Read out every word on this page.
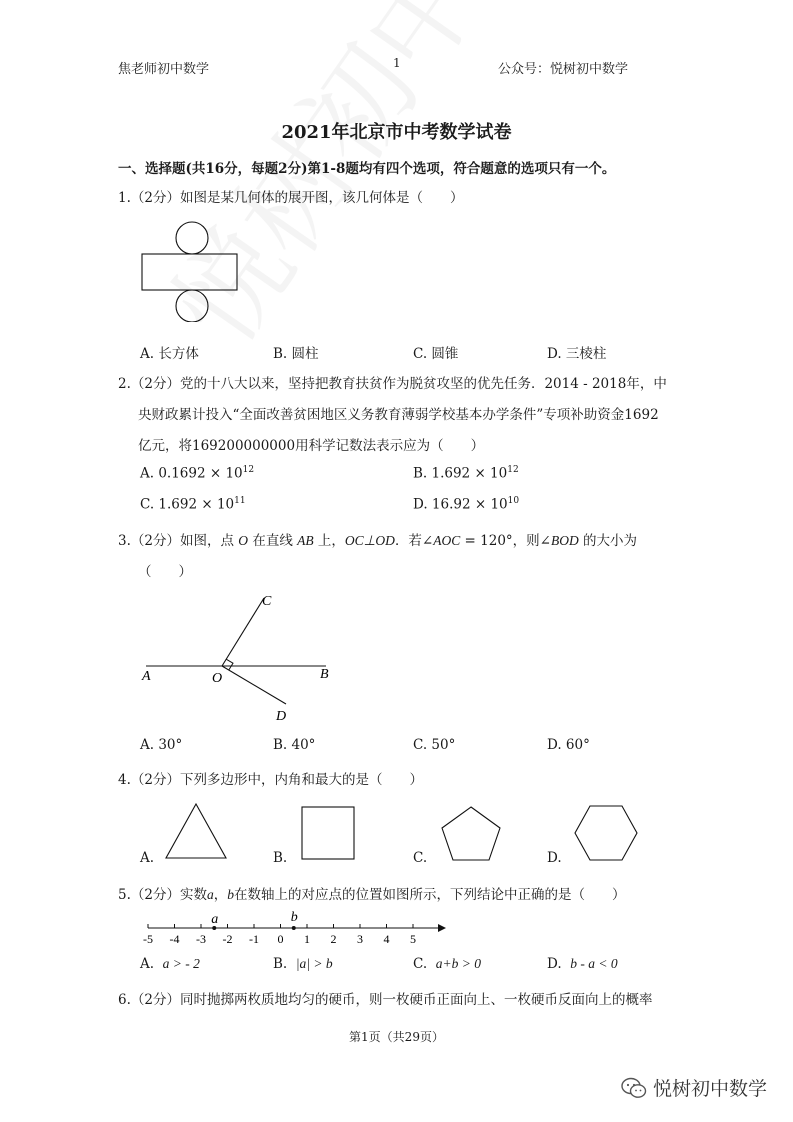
焦老师初中数学	1	公众号：悦树初中数学
2021年北京市中考数学试卷
一、选择题(共16分，每题2分)第1-8题均有四个选项，符合题意的选项只有一个。
1.（2分）如图是某几何体的展开图，该几何体是（　　）
A. 长方体	B. 圆柱	C. 圆锥	D. 三棱柱
2.（2分）党的十八大以来，坚持把教育扶贫作为脱贫攻坚的优先任务．2014 - 2018年，中
央财政累计投入“全面改善贫困地区义务教育薄弱学校基本办学条件”专项补助资金1692
亿元，将169200000000用科学记数法表示应为（　　）
A. $0.1692 \times 10^{12}$	B. $1.692 \times 10^{12}$
C. $1.692 \times 10^{11}$	D. $16.92 \times 10^{10}$
3.（2分）如图，点 O 在直线 AB 上，OC⊥OD．若∠AOC = 120°，则∠BOD 的大小为
（　　）
A	B
C
D
O
A. 30°	B. 40°	C. 50°	D. 60°
4.（2分）下列多边形中，内角和最大的是（　　）
A.	B.	C.	D.
5.（2分）实数a，b在数轴上的对应点的位置如图所示，下列结论中正确的是（　　）
-5 -4 -3 -2 -1 0 1 2 3 4 5
a	b
A. a > - 2	B. |a| > b	C. a+b > 0	D. b - a < 0
6.（2分）同时抛掷两枚质地均匀的硬币，则一枚硬币正面向上、一枚硬币反面向上的概率
第1页（共29页）
悦树初中数学
